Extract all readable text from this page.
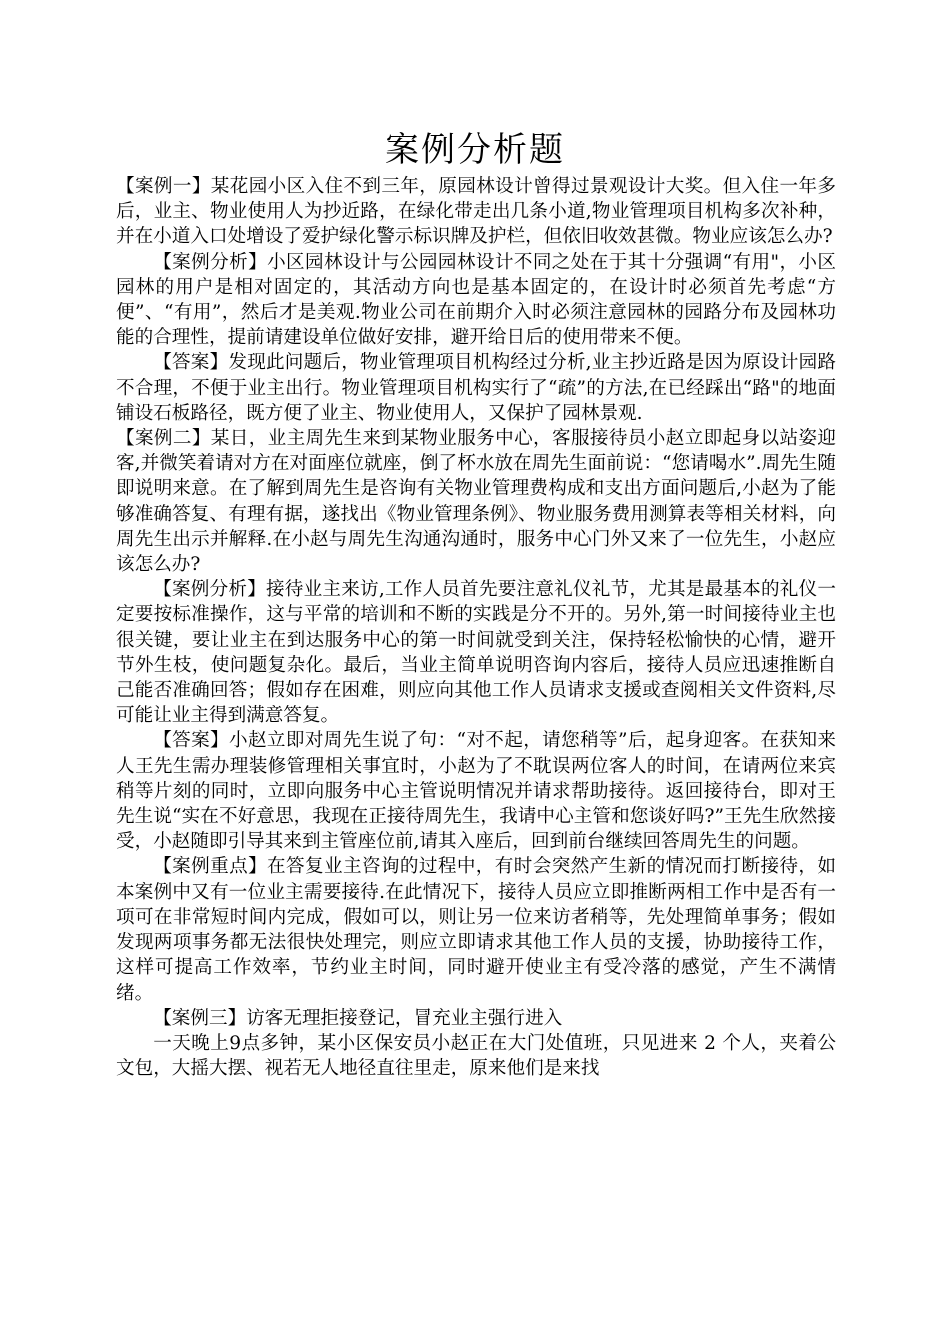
案例分析题

【案例一】某花园小区入住不到三年，原园林设计曾得过景观设计大奖。但入住一年多后，业主、物业使用人为抄近路，在绿化带走出几条小道,物业管理项目机构多次补种，并在小道入口处增设了爱护绿化警示标识牌及护栏，但依旧收效甚微。物业应该怎么办?

【案例分析】小区园林设计与公园园林设计不同之处在于其十分强调“有用"，小区园林的用户是相对固定的，其活动方向也是基本固定的，在设计时必须首先考虑“方便”、“有用”，然后才是美观.物业公司在前期介入时必须注意园林的园路分布及园林功能的合理性，提前请建设单位做好安排，避开给日后的使用带来不便。

【答案】发现此问题后，物业管理项目机构经过分析,业主抄近路是因为原设计园路不合理，不便于业主出行。物业管理项目机构实行了“疏”的方法,在已经踩出“路"的地面铺设石板路径，既方便了业主、物业使用人，又保护了园林景观.

【案例二】某日，业主周先生来到某物业服务中心，客服接待员小赵立即起身以站姿迎客,并微笑着请对方在对面座位就座，倒了杯水放在周先生面前说：“您请喝水”.周先生随即说明来意。在了解到周先生是咨询有关物业管理费构成和支出方面问题后,小赵为了能够准确答复、有理有据，遂找出《物业管理条例》、物业服务费用测算表等相关材料，向周先生出示并解释.在小赵与周先生沟通沟通时，服务中心门外又来了一位先生，小赵应该怎么办?

【案例分析】接待业主来访,工作人员首先要注意礼仪礼节，尤其是最基本的礼仪一定要按标准操作，这与平常的培训和不断的实践是分不开的。另外,第一时间接待业主也很关键，要让业主在到达服务中心的第一时间就受到关注，保持轻松愉快的心情，避开节外生枝，使问题复杂化。最后，当业主简单说明咨询内容后，接待人员应迅速推断自己能否准确回答；假如存在困难，则应向其他工作人员请求支援或查阅相关文件资料,尽可能让业主得到满意答复。

【答案】小赵立即对周先生说了句：“对不起，请您稍等”后，起身迎客。在获知来人王先生需办理装修管理相关事宜时，小赵为了不耽误两位客人的时间，在请两位来宾稍等片刻的同时，立即向服务中心主管说明情况并请求帮助接待。返回接待台，即对王先生说“实在不好意思，我现在正接待周先生，我请中心主管和您谈好吗?”王先生欣然接受，小赵随即引导其来到主管座位前,请其入座后，回到前台继续回答周先生的问题。

【案例重点】在答复业主咨询的过程中，有时会突然产生新的情况而打断接待，如本案例中又有一位业主需要接待.在此情况下，接待人员应立即推断两相工作中是否有一项可在非常短时间内完成，假如可以，则让另一位来访者稍等，先处理简单事务；假如发现两项事务都无法很快处理完，则应立即请求其他工作人员的支援，协助接待工作，这样可提高工作效率，节约业主时间，同时避开使业主有受冷落的感觉，产生不满情绪。

【案例三】访客无理拒接登记，冒充业主强行进入

一天晚上9点多钟，某小区保安员小赵正在大门处值班，只见进来 2 个人，夹着公文包，大摇大摆、视若无人地径直往里走，原来他们是来找
